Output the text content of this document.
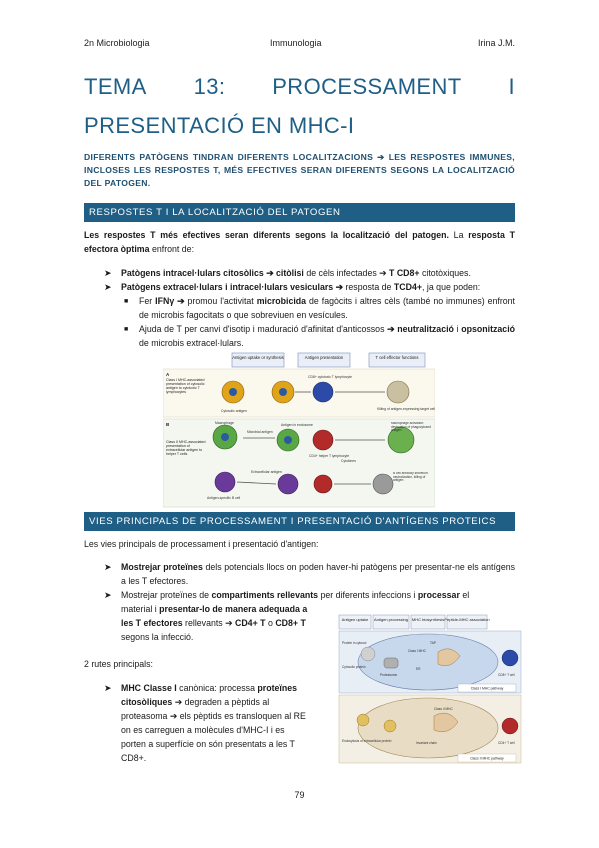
2n Microbiologia	Immunologia	Irina J.M.
TEMA 13: PROCESSAMENT I
PRESENTACIÓ EN MHC-I
DIFERENTS PATÒGENS TINDRAN DIFERENTS LOCALITZACIONS ➔ LES RESPOSTES IMMUNES, INCLOSES LES RESPOSTES T, MÉS EFECTIVES SERAN DIFERENTS SEGONS LA LOCALITZACIÓ DEL PATOGEN.
RESPOSTES T I LA LOCALITZACIÓ DEL PATOGEN
Les respostes T més efectives seran diferents segons la localització del patogen. La resposta T efectora òptima enfront de:
➤ Patògens intracel·lulars citosòlics ➔ citòlisi de cèls infectades ➔ T CD8+ citotòxiques.
➤ Patògens extracel·lulars i intracel·lulars vesiculars ➔ resposta de TCD4+, ja que poden:
■ Fer IFNγ ➔ promou l'activitat microbicida de fagòcits i altres cèls (també no immunes) enfront de microbis fagocitats o que sobreviuen en vesícules.
■ Ajuda de T per canvi d'isotip i maduració d'afinitat d'anticossos ➔ neutralització i opsonització de microbis extracel·lulars.
Antigen uptake or synthesis	Antigen presentation	T cell effector functions
A
Class I MHC-associated presentation of cytosolic antigen to cytotoxic T lymphocytes
Cytosolic antigen
CD8+ cytotoxic T lymphocyte
Killing of antigen-expressing target cell
B
Class II MHC-associated presentation of extracellular antigen to helper T cells
Macrophage
Microbial antigen
Antigen in endosome
CD4+ helper T lymphocyte
Cytokines
Macrophage activation: destruction of phagocytosed antigen
B cell antibody secretion: neutralization, killing of antigen
Antigen-specific B cell
Extracellular antigen
VIES PRINCIPALS DE PROCESSAMENT I PRESENTACIÓ D'ANTÍGENS PROTEICS
Les vies principals de processament i presentació d'antigen:
➤ Mostrejar proteïnes dels potencials llocs on poden haver-hi patògens per presentar-ne els antígens a les T efectores.
➤ Mostrejar proteïnes de compartiments rellevants per diferents infeccions i processar el
material i presentar-lo de manera adequada a
les T efectores rellevants ➔ CD4+ T o CD8+ T
segons la infecció.
2 rutes principals:
➤ MHC Classe I canònica: processa proteïnes
citosòliques ➔ degraden a pèptids al
proteasoma ➔ els pèptids es transloquen al RE
on es carreguen a molècules d'MHC-I i es
porten a superfície on són presentats a les T
CD8+.
Antigen uptake Antigen processing MHC biosynthesis Peptide-MHC association
Class I MHC pathway
Protein in cytosol
Cytosolic protein
Proteasome
TAP
Class I MHC
ER
CD8+ T cell
Class II MHC pathway
Endocytosis of extracellular protein	Invariant chain
Class II MHC
CD4+ T cell
79
